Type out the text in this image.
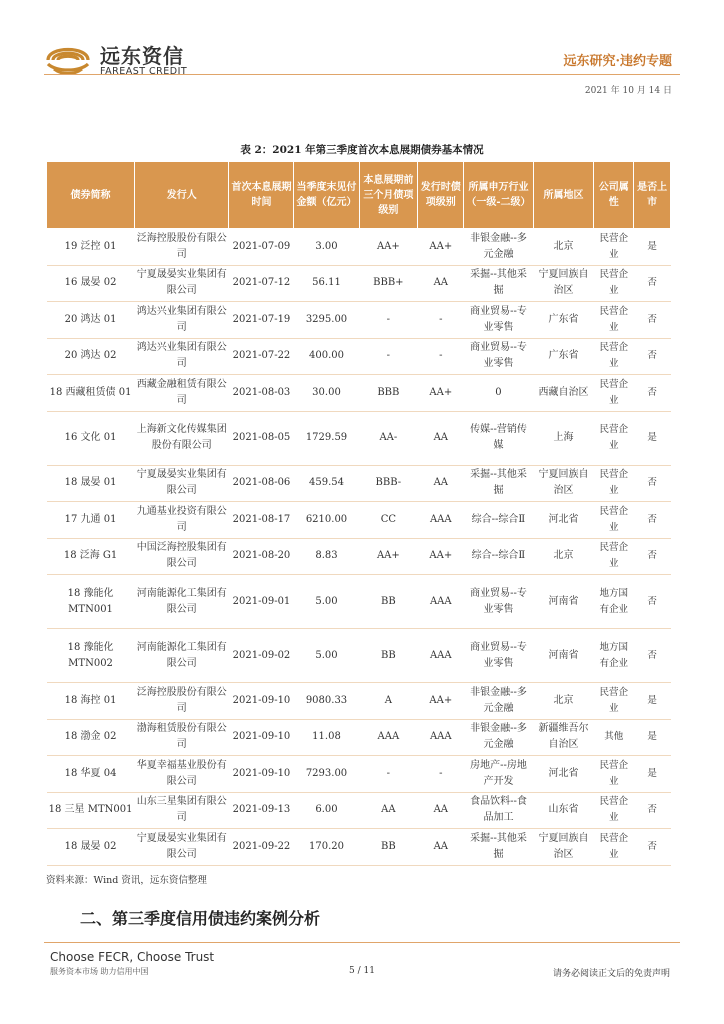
远东资信
FAREAST CREDIT
远东研究·违约专题
2021 年 10 月 14 日
表 2：2021 年第三季度首次本息展期债券基本情况
债券简称	发行人	首次本息展期时间	当季度末见付金额（亿元）	本息展期前三个月债项级别	发行时债项级别	所属申万行业（一级-二级）	所属地区	公司属性	是否上市
19 泛控 01	泛海控股股份有限公司	2021-07-09	3.00	AA+	AA+	非银金融--多元金融	北京	民营企业	是
16 晟晏 02	宁夏晟晏实业集团有限公司	2021-07-12	56.11	BBB+	AA	采掘--其他采掘	宁夏回族自治区	民营企业	否
20 鸿达 01	鸿达兴业集团有限公司	2021-07-19	3295.00	-	-	商业贸易--专业零售	广东省	民营企业	否
20 鸿达 02	鸿达兴业集团有限公司	2021-07-22	400.00	-	-	商业贸易--专业零售	广东省	民营企业	否
18 西藏租赁债 01	西藏金融租赁有限公司	2021-08-03	30.00	BBB	AA+	0	西藏自治区	民营企业	否
16 文化 01	上海新文化传媒集团股份有限公司	2021-08-05	1729.59	AA-	AA	传媒--营销传媒	上海	民营企业	是
18 晟晏 01	宁夏晟晏实业集团有限公司	2021-08-06	459.54	BBB-	AA	采掘--其他采掘	宁夏回族自治区	民营企业	否
17 九通 01	九通基业投资有限公司	2021-08-17	6210.00	CC	AAA	综合--综合Ⅱ	河北省	民营企业	否
18 泛海 G1	中国泛海控股集团有限公司	2021-08-20	8.83	AA+	AA+	综合--综合Ⅱ	北京	民营企业	否
18 豫能化 MTN001	河南能源化工集团有限公司	2021-09-01	5.00	BB	AAA	商业贸易--专业零售	河南省	地方国有企业	否
18 豫能化 MTN002	河南能源化工集团有限公司	2021-09-02	5.00	BB	AAA	商业贸易--专业零售	河南省	地方国有企业	否
18 海控 01	泛海控股股份有限公司	2021-09-10	9080.33	A	AA+	非银金融--多元金融	北京	民营企业	是
18 渤金 02	渤海租赁股份有限公司	2021-09-10	11.08	AAA	AAA	非银金融--多元金融	新疆维吾尔自治区	其他	是
18 华夏 04	华夏幸福基业股份有限公司	2021-09-10	7293.00	-	-	房地产--房地产开发	河北省	民营企业	是
18 三星 MTN001	山东三星集团有限公司	2021-09-13	6.00	AA	AA	食品饮料--食品加工	山东省	民营企业	否
18 晟晏 02	宁夏晟晏实业集团有限公司	2021-09-22	170.20	BB	AA	采掘--其他采掘	宁夏回族自治区	民营企业	否
资料来源：Wind 资讯，远东资信整理
二、第三季度信用债违约案例分析
Choose FECR, Choose Trust
服务资本市场 助力信用中国	5 / 11	请务必阅读正文后的免责声明
